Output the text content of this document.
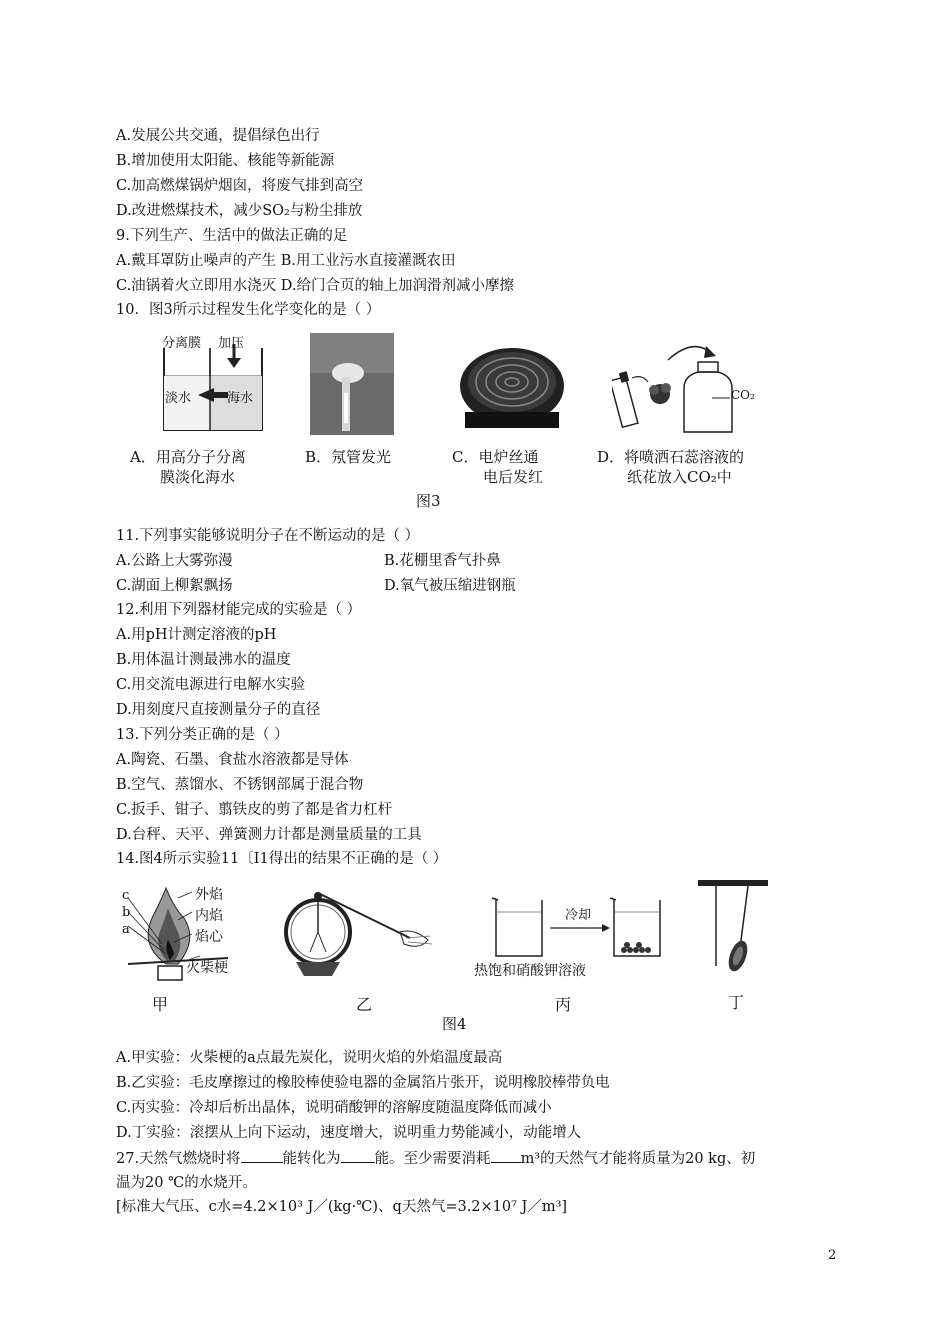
A.发展公共交通，提倡绿色出行
B.增加使用太阳能、核能等新能源
C.加高燃煤锅炉烟囱，将废气排到高空
D.改进燃煤技术，减少SO₂与粉尘排放
9.下列生产、生活中的做法正确的足
A.戴耳罩防止噪声的产生 B.用工业污水直接灌溉农田
C.油锅着火立即用水浇灭 D.给门合页的轴上加润滑剂减小摩擦
10．图3所示过程发生化学变化的是（ ）
分离膜 加压
淡水	海水	CO₂
A．用高分子分离
膜淡化海水
B．氖管发光	C．电炉丝通
电后发红
D．将喷洒石蕊溶液的
纸花放入CO₂中
图3
11.下列事实能够说明分子在不断运动的是（ ）
A.公路上大雾弥漫	B.花棚里香气扑鼻
C.湖面上柳絮飘扬	D.氧气被压缩进钢瓶
12.利用下列器材能完成的实验是（ ）
A.用pH计测定溶液的pH
B.用体温计测最沸水的温度
C.用交流电源进行电解水实验
D.用刻度尺直接测量分子的直径
13.下列分类正确的是（ ）
A.陶瓷、石墨、食盐水溶液都是导体
B.空气、蒸馏水、不锈钢部属于混合物
C.扳手、钳子、翦铁皮的剪了都是省力杠杆
D.台秤、天平、弹簧测力计都是测量质量的工具
14.图4所示实验11〔I1得出的结果不正确的是（ ）
c
b
a
外焰
内焰
焰心
火柴梗
冷却
热饱和硝酸钾溶液
甲	乙	丙	丁
图4
A.甲实验：火柴梗的a点最先炭化，说明火焰的外焰温度最高
B.乙实验：毛皮摩擦过的橡胶棒使验电器的金属箔片张开，说明橡胶棒带负电
C.丙实验：冷却后析出晶体，说明硝酸钾的溶解度随温度降低而减小
D.丁实验：滚摆从上向下运动，速度增大，说明重力势能减小，动能增人
27.天然气燃烧时将	能转化为 能。至少需要消耗 m³的天然气才能将质量为20 kg、初
温为20 ℃的水烧开。
[标准大气压、c水=4.2×10³ J／(kg·℃)、q天然气=3.2×10⁷ J／m³]
2
